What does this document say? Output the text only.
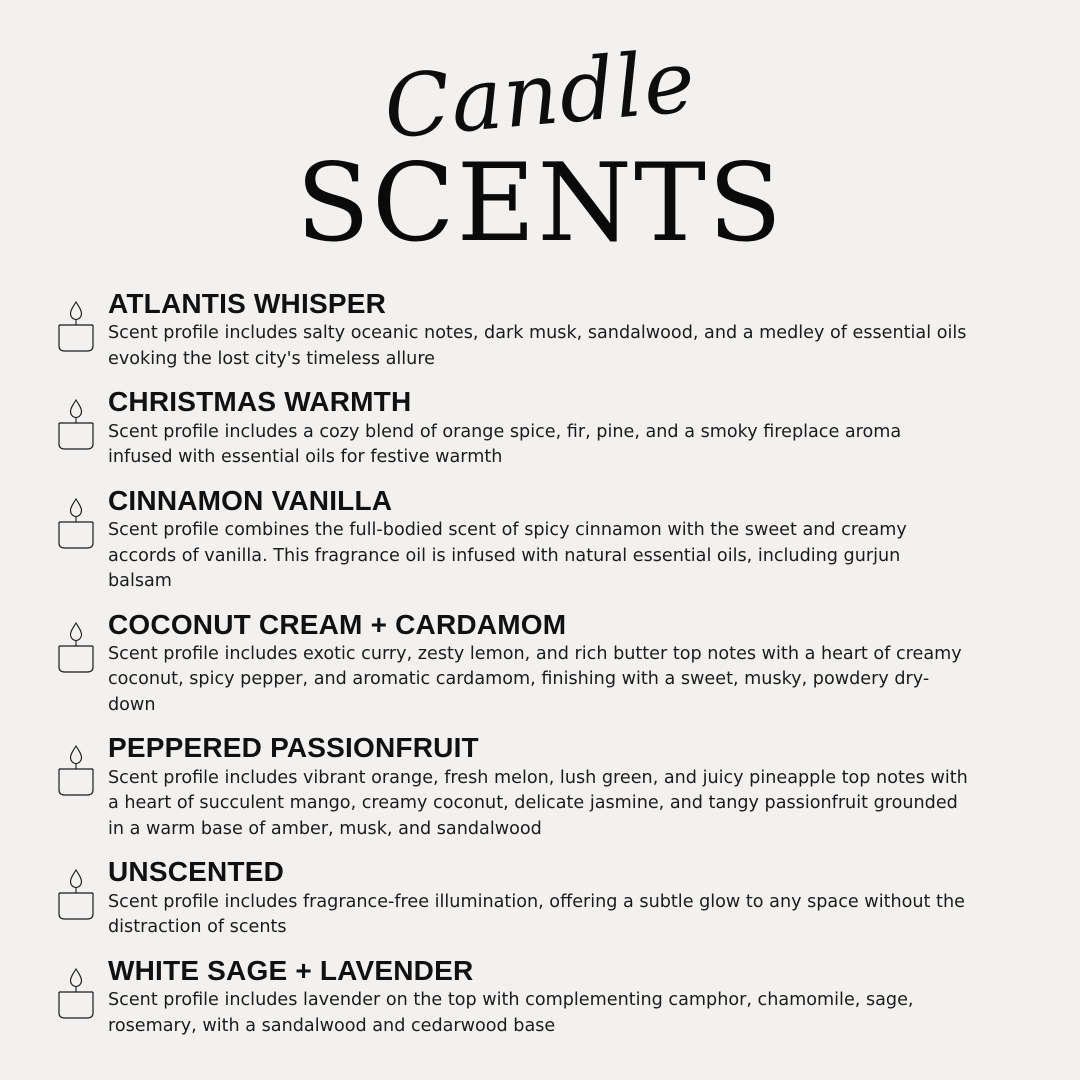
Candle
SCENTS
ATLANTIS WHISPER
Scent profile includes salty oceanic notes, dark musk, sandalwood, and a medley of essential oils evoking the lost city's timeless allure
CHRISTMAS WARMTH
Scent profile includes a cozy blend of orange spice, fir, pine, and a smoky fireplace aroma infused with essential oils for festive warmth
CINNAMON VANILLA
Scent profile combines the full-bodied scent of spicy cinnamon with the sweet and creamy accords of vanilla. This fragrance oil is infused with natural essential oils, including gurjun balsam
COCONUT CREAM + CARDAMOM
Scent profile includes exotic curry, zesty lemon, and rich butter top notes with a heart of creamy coconut, spicy pepper, and aromatic cardamom, finishing with a sweet, musky, powdery dry-down
PEPPERED PASSIONFRUIT
Scent profile includes vibrant orange, fresh melon, lush green, and juicy pineapple top notes with a heart of succulent mango, creamy coconut, delicate jasmine, and tangy passionfruit grounded in a warm base of amber, musk, and sandalwood
UNSCENTED
Scent profile includes fragrance-free illumination, offering a subtle glow to any space without the distraction of scents
WHITE SAGE + LAVENDER
Scent profile includes lavender on the top with complementing camphor, chamomile, sage, rosemary, with a sandalwood and cedarwood base
